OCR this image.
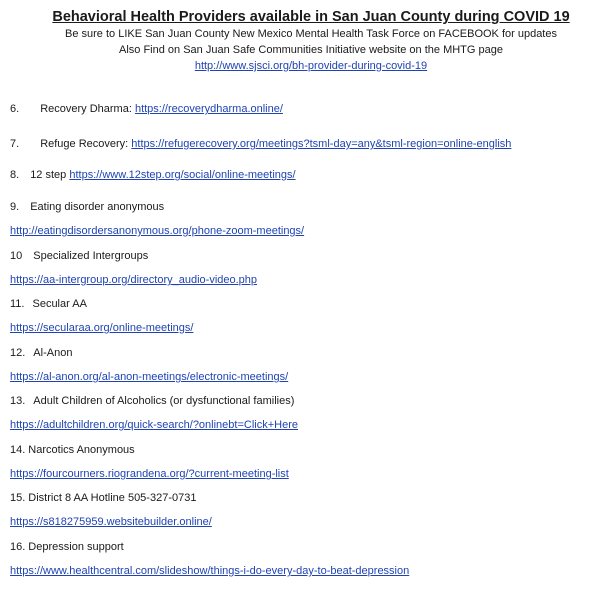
Behavioral Health Providers available in San Juan County during COVID 19
Be sure to LIKE San Juan County New Mexico Mental Health Task Force on FACEBOOK for updates
Also Find on San Juan Safe Communities Initiative website on the MHTG page
http://www.sjsci.org/bh-provider-during-covid-19
6. Recovery Dharma: https://recoverydharma.online/
7. Refuge Recovery: https://refugerecovery.org/meetings?tsml-day=any&tsml-region=online-english
8. 12 step https://www.12step.org/social/online-meetings/
9. Eating disorder anonymous
http://eatingdisordersanonymous.org/phone-zoom-meetings/
10 Specialized Intergroups
https://aa-intergroup.org/directory_audio-video.php
11. Secular AA
https://secularaa.org/online-meetings/
12. Al-Anon
https://al-anon.org/al-anon-meetings/electronic-meetings/
13. Adult Children of Alcoholics (or dysfunctional families)
https://adultchildren.org/quick-search/?onlinebt=Click+Here
14. Narcotics Anonymous
https://fourcourners.riograndena.org/?current-meeting-list
15. District 8 AA Hotline 505-327-0731
https://s818275959.websitebuilder.online/
16. Depression support
https://www.healthcentral.com/slideshow/things-i-do-every-day-to-beat-depression
